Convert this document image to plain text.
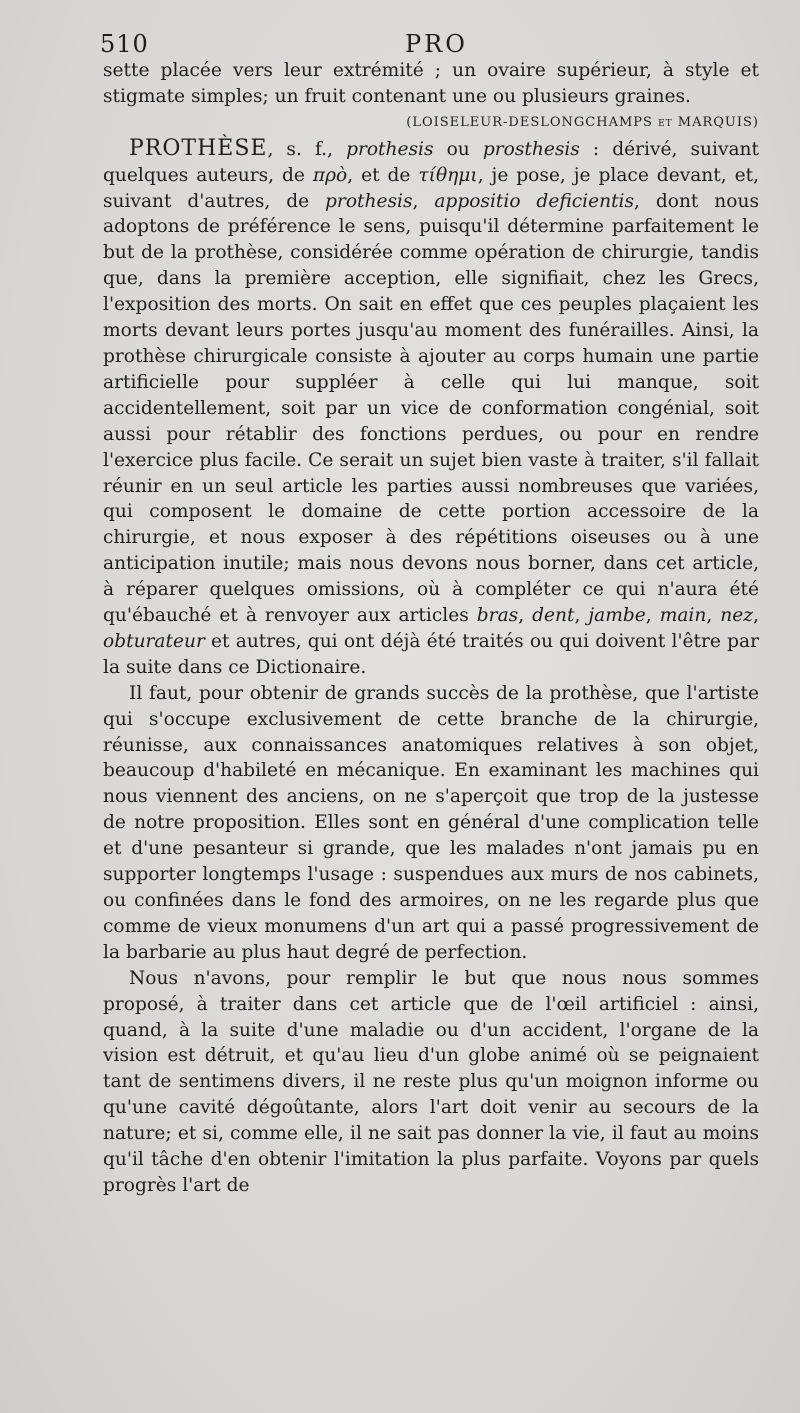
510	PRO

sette placée vers leur extrémité ; un ovaire supérieur, à style et stigmate simples; un fruit contenant une ou plusieurs graines.

(LOISELEUR-DESLONGCHAMPS et MARQUIS)

PROTHÈSE, s. f., prothesis ou prosthesis : dérivé, suivant quelques auteurs, de πρὸ, et de τίθημι, je pose, je place devant, et, suivant d'autres, de prothesis, appositio deficientis, dont nous adoptons de préférence le sens, puisqu'il détermine parfaitement le but de la prothèse, considérée comme opération de chirurgie, tandis que, dans la première acception, elle signifiait, chez les Grecs, l'exposition des morts. On sait en effet que ces peuples plaçaient les morts devant leurs portes jusqu'au moment des funérailles. Ainsi, la prothèse chirurgicale consiste à ajouter au corps humain une partie artificielle pour suppléer à celle qui lui manque, soit accidentellement, soit par un vice de conformation congénial, soit aussi pour rétablir des fonctions perdues, ou pour en rendre l'exercice plus facile. Ce serait un sujet bien vaste à traiter, s'il fallait réunir en un seul article les parties aussi nombreuses que variées, qui composent le domaine de cette portion accessoire de la chirurgie, et nous exposer à des répétitions oiseuses ou à une anticipation inutile; mais nous devons nous borner, dans cet article, à réparer quelques omissions, où à compléter ce qui n'aura été qu'ébauché et à renvoyer aux articles bras, dent, jambe, main, nez, obturateur et autres, qui ont déjà été traités ou qui doivent l'être par la suite dans ce Dictionaire.

Il faut, pour obtenir de grands succès de la prothèse, que l'artiste qui s'occupe exclusivement de cette branche de la chirurgie, réunisse, aux connaissances anatomiques relatives à son objet, beaucoup d'habileté en mécanique. En examinant les machines qui nous viennent des anciens, on ne s'aperçoit que trop de la justesse de notre proposition. Elles sont en général d'une complication telle et d'une pesanteur si grande, que les malades n'ont jamais pu en supporter longtemps l'usage : suspendues aux murs de nos cabinets, ou confinées dans le fond des armoires, on ne les regarde plus que comme de vieux monumens d'un art qui a passé progressivement de la barbarie au plus haut degré de perfection.

Nous n'avons, pour remplir le but que nous nous sommes proposé, à traiter dans cet article que de l'œil artificiel : ainsi, quand, à la suite d'une maladie ou d'un accident, l'organe de la vision est détruit, et qu'au lieu d'un globe animé où se peignaient tant de sentimens divers, il ne reste plus qu'un moignon informe ou qu'une cavité dégoûtante, alors l'art doit venir au secours de la nature; et si, comme elle, il ne sait pas donner la vie, il faut au moins qu'il tâche d'en obtenir l'imitation la plus parfaite. Voyons par quels progrès l'art de
